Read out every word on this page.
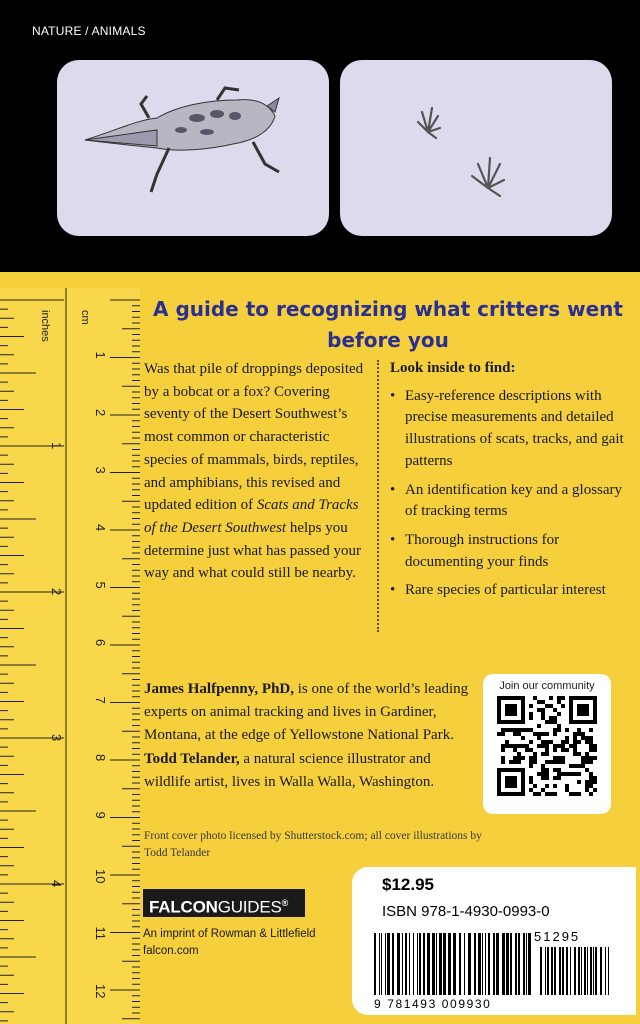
NATURE / ANIMALS
1
2
3
4
1
2
3
4
5
6
7
8
9
10
11
12
inches	cm	A guide to recognizing what critters went before you
Was that pile of droppings deposited by a bobcat or a fox? Covering seventy of the Desert Southwest’s most common or characteristic species of mammals, birds, reptiles, and amphibians, this revised and updated edition of Scats and Tracks of the Desert Southwest helps you determine just what has passed your way and what could still be nearby.
Look inside to find:
• Easy-reference descriptions with precise measurements and detailed illustrations of scats, tracks, and gait patterns
• An identification key and a glossary of tracking terms
• Thorough instructions for documenting your finds
• Rare species of particular interest
James Halfpenny, PhD, is one of the world’s leading experts on animal tracking and lives in Gardiner, Montana, at the edge of Yellowstone National Park. Todd Telander, a natural science illustrator and wildlife artist, lives in Walla Walla, Washington.
Join our community
Front cover photo licensed by Shutterstock.com; all cover illustrations by Todd Telander
FALCONGUIDES®
An imprint of Rowman & Littlefield
falcon.com
$12.95
ISBN 978-1-4930-0993-0
51295
9 781493 009930
